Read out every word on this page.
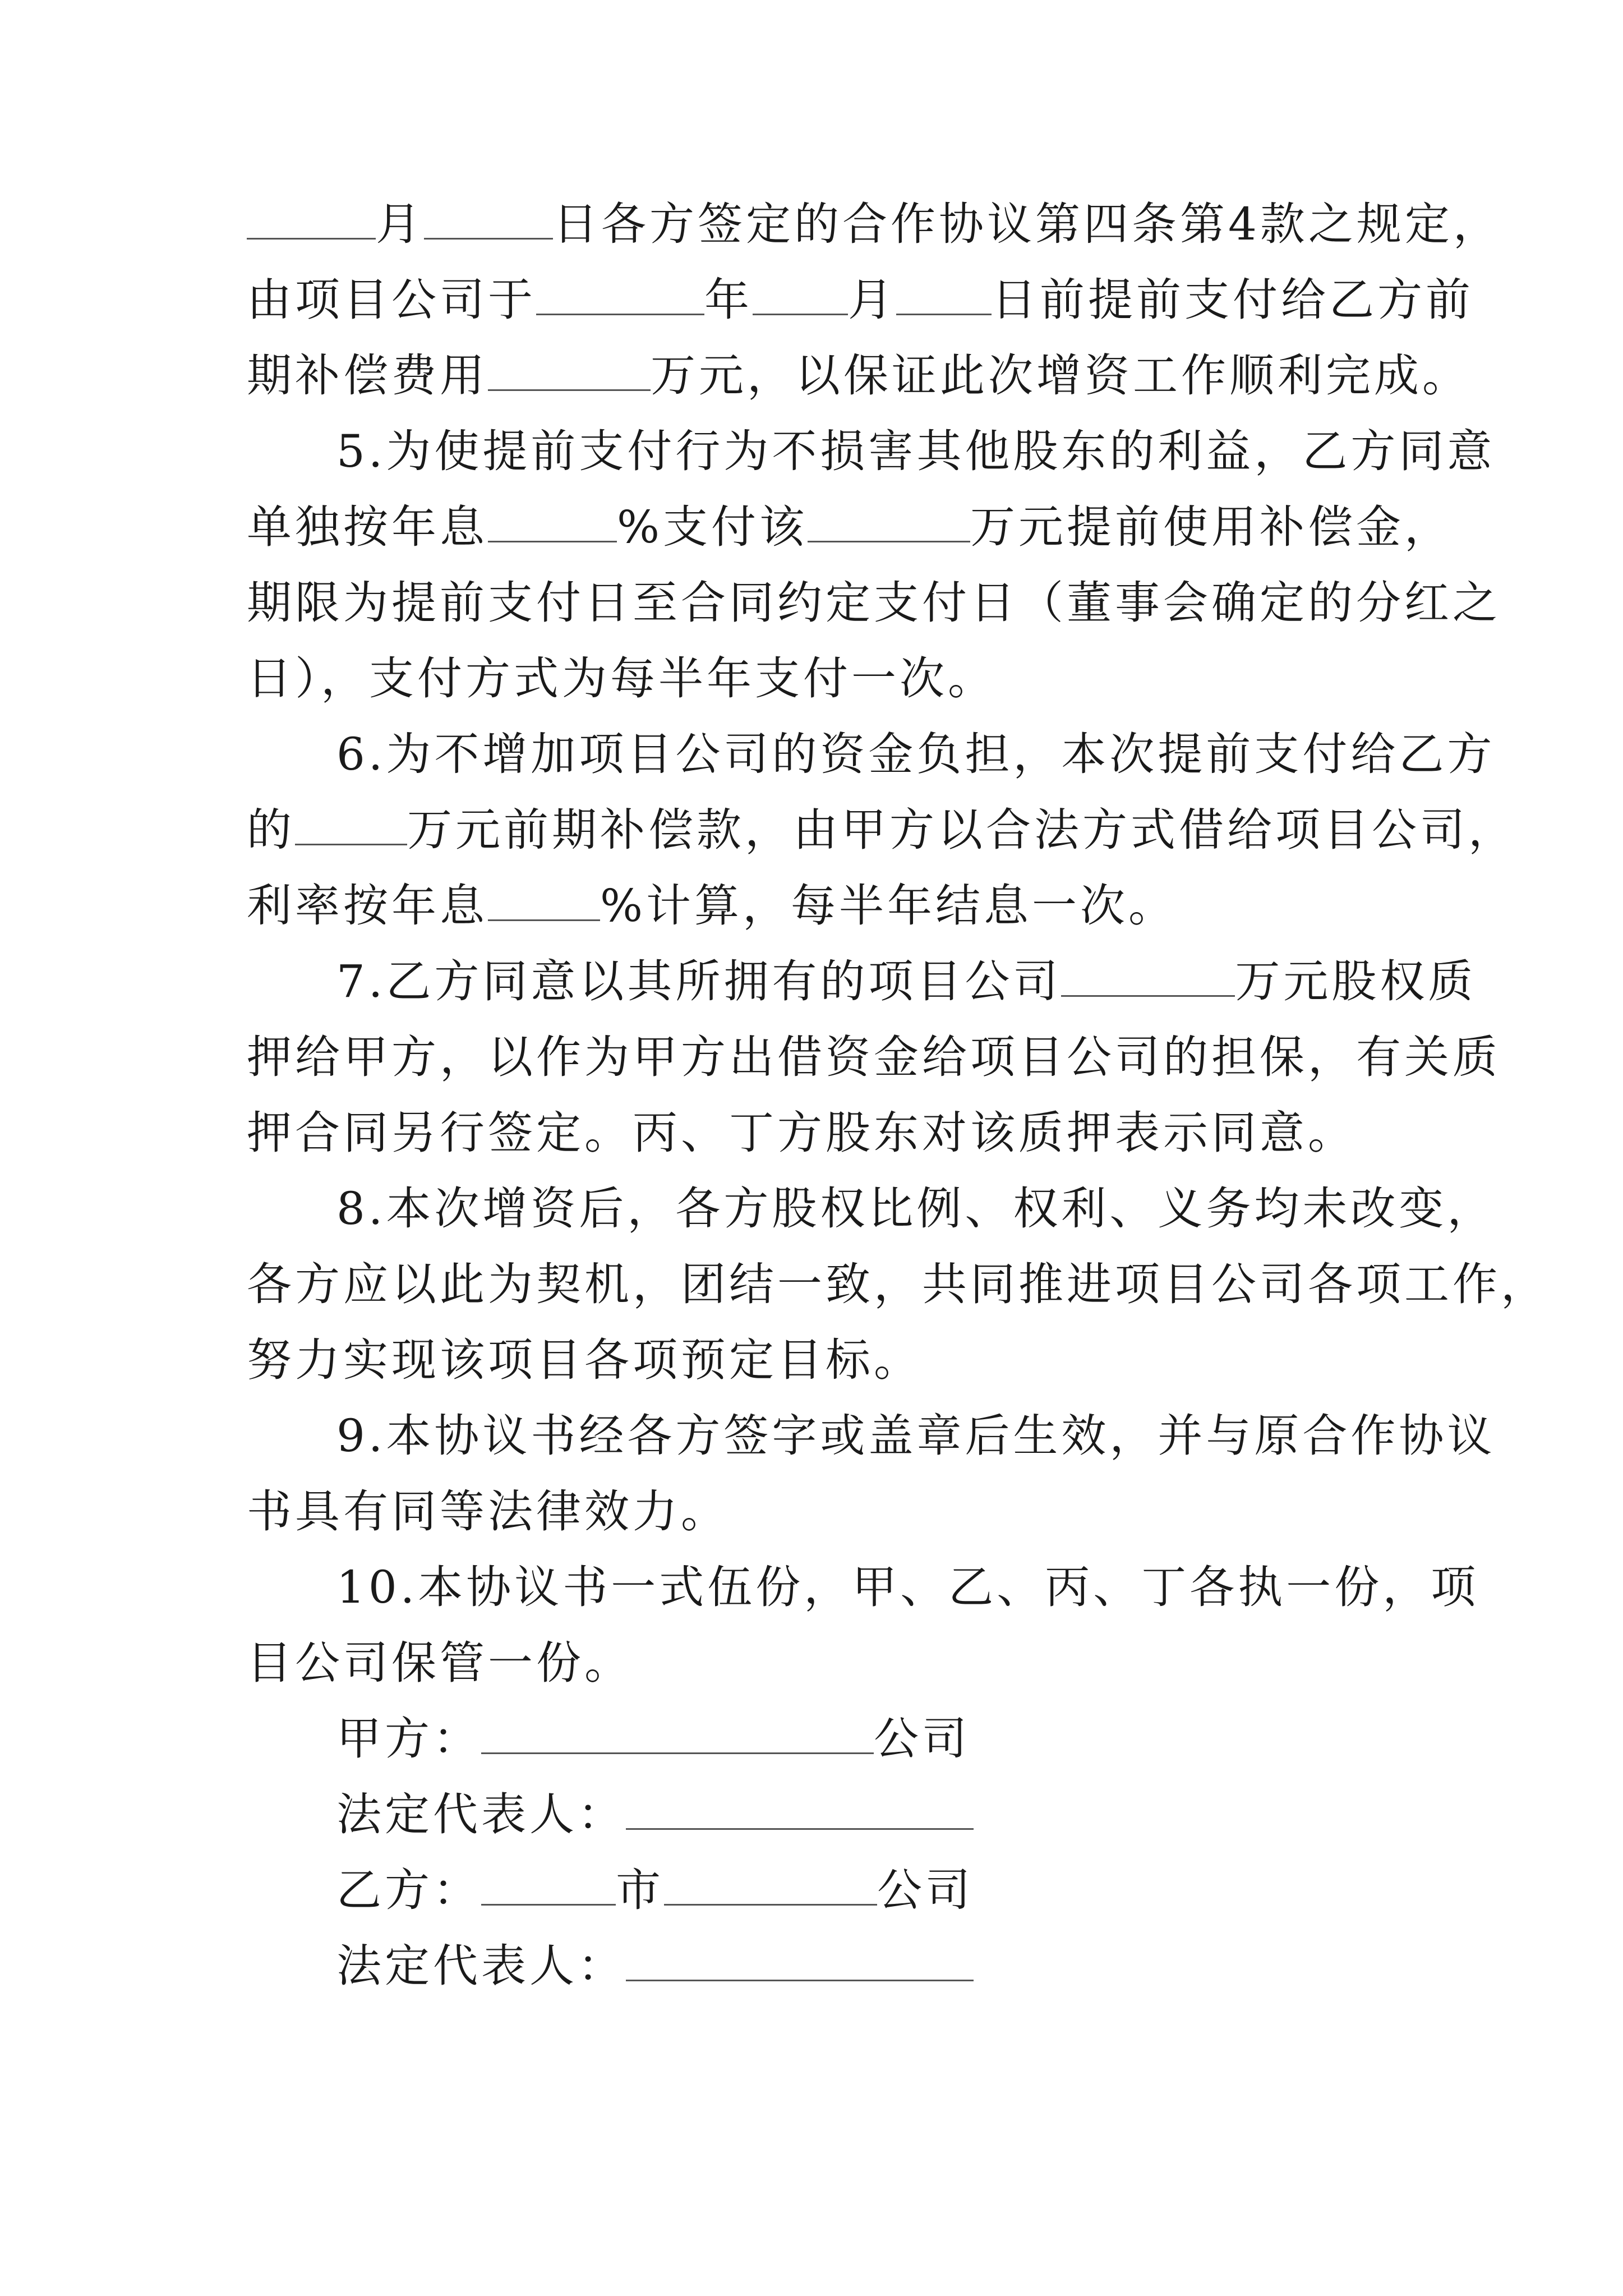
月	日各方签定的合作协议第四条第4款之规定，
由项目公司于	年 月 日前提前支付给乙方前
期补偿费用	万元，以保证此次增资工作顺利完成。
5.为使提前支付行为不损害其他股东的利益，乙方同意
单独按年息	%支付该	万元提前使用补偿金，
期限为提前支付日至合同约定支付日（董事会确定的分红之
日），支付方式为每半年支付一次。
6.为不增加项目公司的资金负担，本次提前支付给乙方
的	万元前期补偿款，由甲方以合法方式借给项目公司，
利率按年息	%计算，每半年结息一次。
7.乙方同意以其所拥有的项目公司	万元股权质
押给甲方，以作为甲方出借资金给项目公司的担保，有关质
押合同另行签定。丙、丁方股东对该质押表示同意。
8.本次增资后，各方股权比例、权利、义务均未改变，
各方应以此为契机，团结一致，共同推进项目公司各项工作，
努力实现该项目各项预定目标。
9.本协议书经各方签字或盖章后生效，并与原合作协议
书具有同等法律效力。
10.本协议书一式伍份，甲、乙、丙、丁各执一份，项
目公司保管一份。
甲方：	公司
法定代表人：
乙方：	市	公司
法定代表人：
